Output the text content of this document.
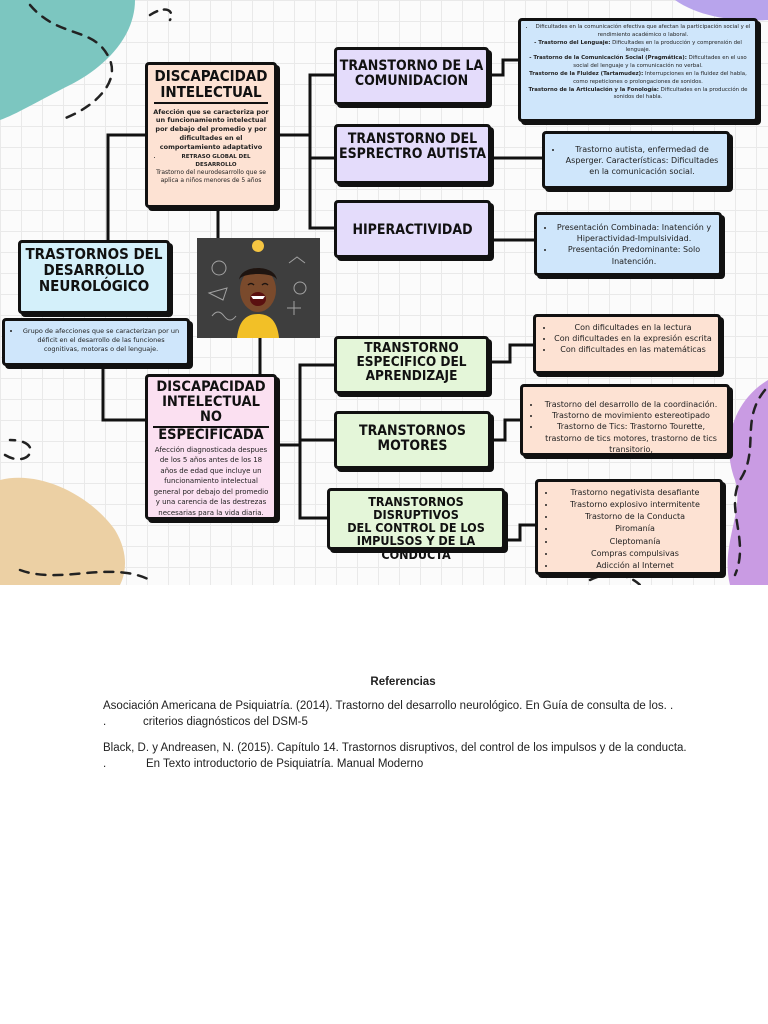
TRASTORNOS DEL
DESARROLLO
NEUROLÓGICO
• Grupo de afecciones que se caracterizan por un déficit en el desarrollo de las funciones cognitivas, motoras o del lenguaje.
DISCAPACIDAD
INTELECTUAL
Afección que se caracteriza por un funcionamiento intelectual por debajo del promedio y por dificultades en el comportamiento adaptativo
• RETRASO GLOBAL DEL DESARROLLO
Trastorno del neurodesarrollo que se aplica a niños menores de 5 años
DISCAPACIDAD
INTELECTUAL NO
ESPECIFICADA
Afección diagnosticada despues de los 5 años antes de los 18 años de edad que incluye un funcionamiento intelectual general por debajo del promedio y una carencia de las destrezas necesarias para la vida diaria.
TRANSTORNO DE LA
COMUNIDACION
TRANSTORNO DEL
ESPRECTRO AUTISTA
HIPERACTIVIDAD
TRANSTORNO
ESPECIFICO DEL
APRENDIZAJE
TRANSTORNOS
MOTORES
TRANSTORNOS DISRUPTIVOS
DEL CONTROL DE LOS
IMPULSOS Y DE LA CONDUCTA
• Dificultades en la comunicación efectiva que afectan la participación social y el rendimiento académico o laboral.
- Trastorno del Lenguaje: Dificultades en la producción y comprensión del lenguaje.
- Trastorno de la Comunicación Social (Pragmática): Dificultades en el uso social del lenguaje y la comunicación no verbal.
Trastorno de la Fluidez (Tartamudez): Interrupciones en la fluidez del habla, como repeticiones o prolongaciones de sonidos.
Trastorno de la Articulación y la Fonología: Dificultades en la producción de sonidos del habla.
• Trastorno autista, enfermedad de Asperger. Características: Dificultades en la comunicación social.
• Presentación Combinada: Inatención y Hiperactividad-Impulsividad.
• Presentación Predominante: Solo Inatención.
• Con dificultades en la lectura
• Con dificultades en la expresión escrita
• Con dificultades en las matemáticas
• Trastorno del desarrollo de la coordinación.
• Trastorno de movimiento estereotipado
• Trastorno de Tics: Trastorno Tourette, trastorno de tics motores, trastorno de tics transitorio,
• Trastorno negativista desafiante
• Trastorno explosivo intermitente
• Trastorno de la Conducta
• Piromanía
• Cleptomanía
• Compras compulsivas
• Adicción al Internet
Referencias

Asociación Americana de Psiquiatría. (2014). Trastorno del desarrollo neurológico. En Guía de consulta de los. .
.	criterios diagnósticos del DSM-5

Black, D. y Andreasen, N. (2015). Capítulo 14. Trastornos disruptivos, del control de los impulsos y de la conducta.
.	En Texto introductorio de Psiquiatría. Manual Moderno
